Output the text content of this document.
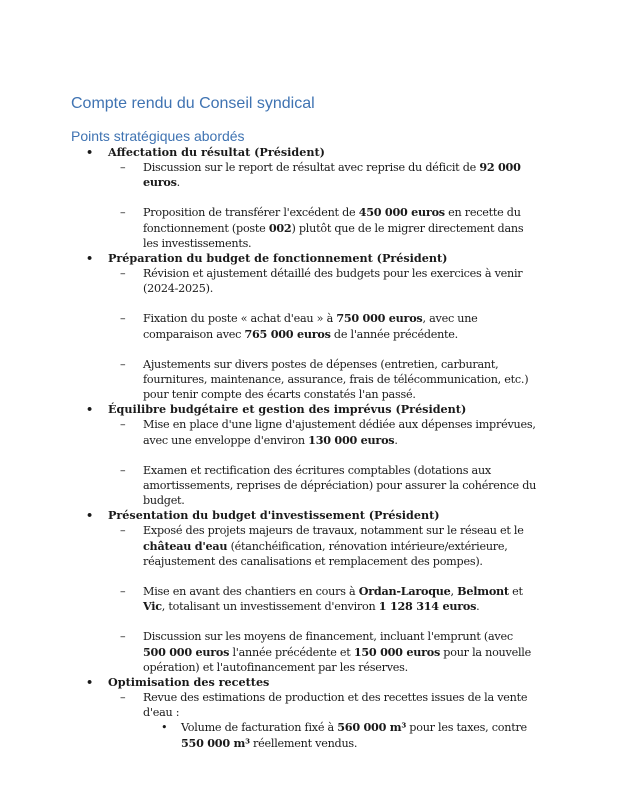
Compte rendu du Conseil syndical
Points stratégiques abordés
• Affectation du résultat (Président)
– Discussion sur le report de résultat avec reprise du déficit de 92 000 euros.
– Proposition de transférer l'excédent de 450 000 euros en recette du fonctionnement (poste 002) plutôt que de le migrer directement dans les investissements.
• Préparation du budget de fonctionnement (Président)
– Révision et ajustement détaillé des budgets pour les exercices à venir (2024-2025).
– Fixation du poste « achat d'eau » à 750 000 euros, avec une comparaison avec 765 000 euros de l'année précédente.
– Ajustements sur divers postes de dépenses (entretien, carburant, fournitures, maintenance, assurance, frais de télécommunication, etc.) pour tenir compte des écarts constatés l'an passé.
• Équilibre budgétaire et gestion des imprévus (Président)
– Mise en place d'une ligne d'ajustement dédiée aux dépenses imprévues, avec une enveloppe d'environ 130 000 euros.
– Examen et rectification des écritures comptables (dotations aux amortissements, reprises de dépréciation) pour assurer la cohérence du budget.
• Présentation du budget d'investissement (Président)
– Exposé des projets majeurs de travaux, notamment sur le réseau et le château d'eau (étanchéification, rénovation intérieure/extérieure, réajustement des canalisations et remplacement des pompes).
– Mise en avant des chantiers en cours à Ordan-Laroque, Belmont et Vic, totalisant un investissement d'environ 1 128 314 euros.
– Discussion sur les moyens de financement, incluant l'emprunt (avec 500 000 euros l'année précédente et 150 000 euros pour la nouvelle opération) et l'autofinancement par les réserves.
• Optimisation des recettes
– Revue des estimations de production et des recettes issues de la vente d'eau :
• Volume de facturation fixé à 560 000 m³ pour les taxes, contre 550 000 m³ réellement vendus.
